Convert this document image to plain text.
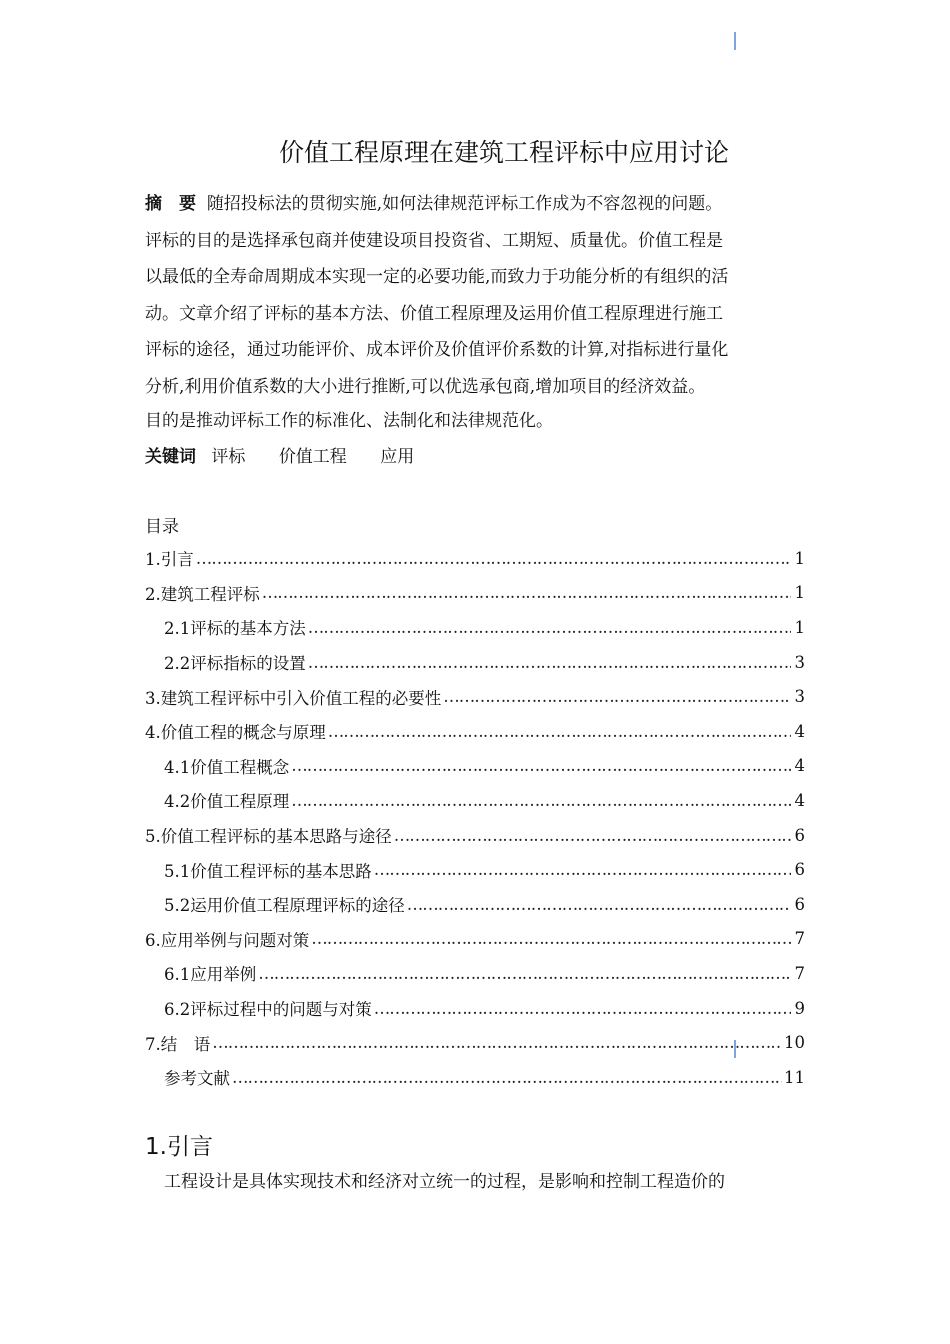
价值工程原理在建筑工程评标中应用讨论
摘　要 随招投标法的贯彻实施,如何法律规范评标工作成为不容忽视的问题。
评标的目的是选择承包商并使建设项目投资省、工期短、质量优。价值工程是
以最低的全寿命周期成本实现一定的必要功能,而致力于功能分析的有组织的活
动。文章介绍了评标的基本方法、价值工程原理及运用价值工程原理进行施工
评标的途径，通过功能评价、成本评价及价值评价系数的计算,对指标进行量化
分析,利用价值系数的大小进行推断,可以优选承包商,增加项目的经济效益。
目的是推动评标工作的标准化、法制化和法律规范化。
关键词 评标 价值工程 应用
目录
1.引言 …………………………………………………………………………………………………………………………	1
2.建筑工程评标 …………………………………………………………………………………………………………………………	1
2.1评标的基本方法 …………………………………………………………………………………………………………………………	1
2.2评标指标的设置 …………………………………………………………………………………………………………………………	3
3.建筑工程评标中引入价值工程的必要性 …………………………………………………………………………………………………………………………	3
4.价值工程的概念与原理 …………………………………………………………………………………………………………………………	4
4.1价值工程概念 …………………………………………………………………………………………………………………………	4
4.2价值工程原理 …………………………………………………………………………………………………………………………	4
5.价值工程评标的基本思路与途径 …………………………………………………………………………………………………………………………	6
5.1价值工程评标的基本思路 …………………………………………………………………………………………………………………………	6
5.2运用价值工程原理评标的途径 …………………………………………………………………………………………………………………………	6
6.应用举例与问题对策 …………………………………………………………………………………………………………………………	7
6.1应用举例 …………………………………………………………………………………………………………………………	7
6.2评标过程中的问题与对策 …………………………………………………………………………………………………………………………	9
7.结　语 …………………………………………………………………………………………………………………………	10
参考文献 …………………………………………………………………………………………………………………………	11
1.引言
工程设计是具体实现技术和经济对立统一的过程，是影响和控制工程造价的
